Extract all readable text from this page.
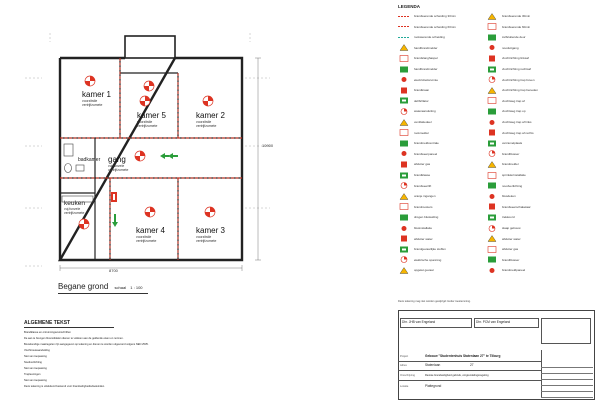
8700
10900
kamer 1
voorzitstle
vertrijfzumete
kamer 5
voorzitstle
vertrijfzumete
kamer 2
voorzitstle
vertrijfzumete
badkamer gang
vuj.funzele
vertrijfzumete
keuken
vuj.funzele
vertrijfzumete
kamer 4
voorzitstle
vertrijfzumete
kamer 3
voorzitstle
vertrijfzumete
Begane grond schaal 1 : 100
LEGENDA
brandwerende scheiding 30min
brandwerende scheiding 60min
rookwerende scheiding
handbrandmelder
brandslanghaspel
handbrandmelder
electriciteitsruimte
brandkraan
defibrillator
wateraansluiting
ventilatiedeel
rookmelder
brandmeldcentrale
brandweerpaneel
afsluiter gas
brandklasse
brandweerlift
oranje ingangen
brandroosters
drogen blusleiding
blusinstallatie
afsluiter water
brandgevaarlijke stoffen
elektrische spanning
opgelet gevaar
brandwerende 30min
brandwerende 60min
zelfsluitende deur
nooduitgang
vluchtrichting linksaf
vluchtrichting rechtsaf
vluchtrichting trap boven
vluchtrichting trap beneden
vluchtweg trap af
vluchtweg trap op
vluchtweg trap af links
vluchtweg trap af rechts
verzamelplaats
brandblusser
brandmelder
sprinklerinstallatie
noodverlichting
blusdeken
brandweerschakelaar
trekkoord
slaap gebouw
afsluiter water
afsluiter gas
brandblusser
brandmeldpaneel
ALGEMENE TEKST
Brandklasse en ontruimingsvoorschriften
De aan te brengen blusmiddelen dienen te voldoen aan de geldende eisen en normen.
Bouwkundige maatregelen zijn aangegeven op tekening en dienen te worden uitgevoerd volgens NEN 2535.
Vluchtrouteaanduiding
Niet van toepassing
Noodverlichting
Niet van toepassing
Trapleuningen
Niet van toepassing
Deze tekening is uitsluitend bestemd voor brandveiligheidsdoeleinden.
Deze tekening mag niet worden gewijzigd zonder toestemming.
Dhr. JHB van Engeland	Dhr. PCM van Engeland
Project	Gebouw "Studentenhuis Statenlaan 27" te Tilburg
Adres	Statenlaan	27
Omschrijving	Revisie brandveiligheid gebruik, ontgrendelingsregeling
Locatie	Plattegrond
